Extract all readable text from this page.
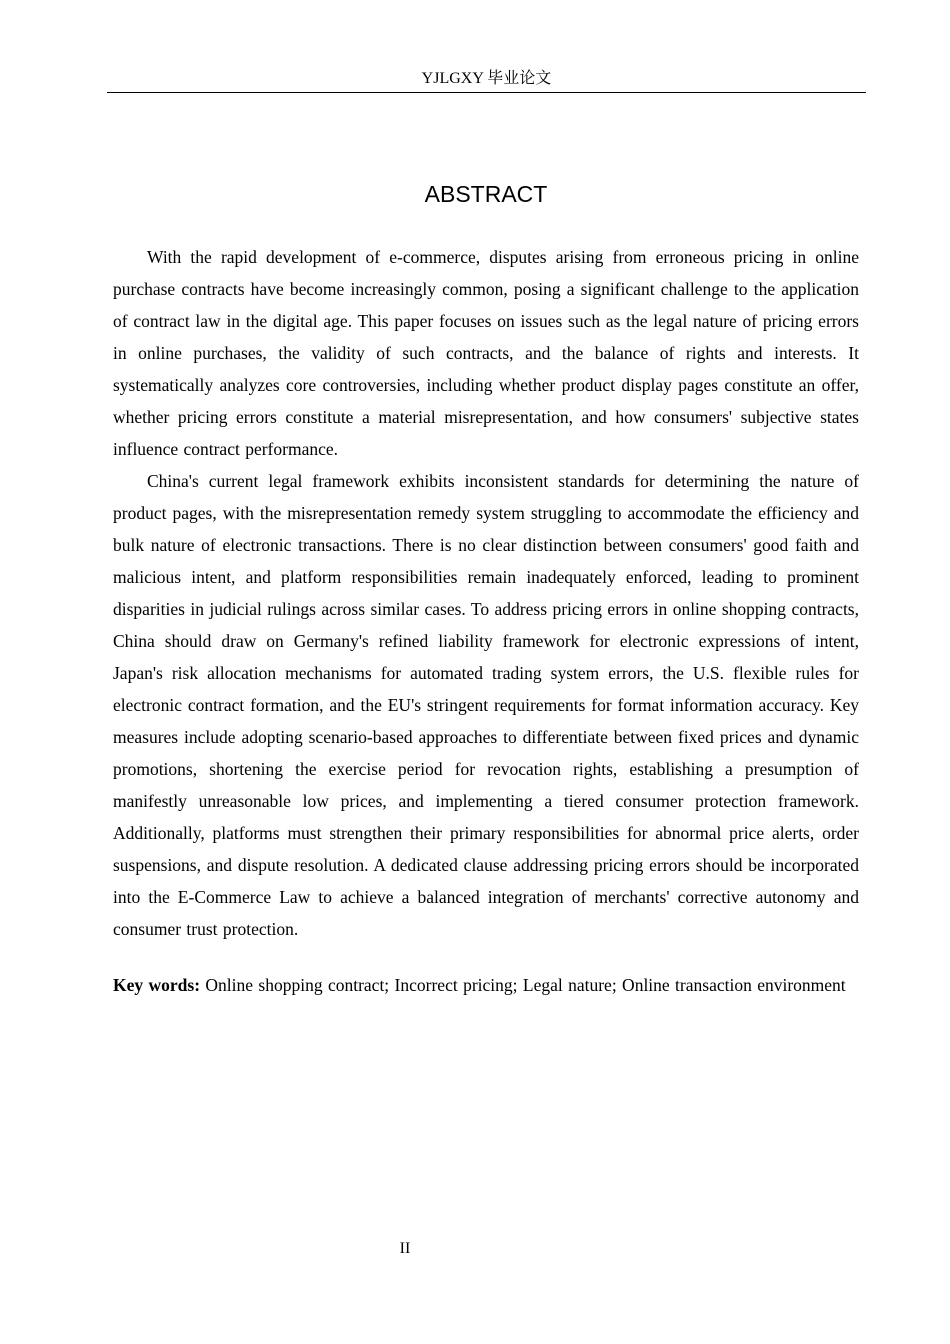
YJLGXY 毕业论文
ABSTRACT

With the rapid development of e-commerce, disputes arising from erroneous pricing in online purchase contracts have become increasingly common, posing a significant challenge to the application of contract law in the digital age. This paper focuses on issues such as the legal nature of pricing errors in online purchases, the validity of such contracts, and the balance of rights and interests. It systematically analyzes core controversies, including whether product display pages constitute an offer, whether pricing errors constitute a material misrepresentation, and how consumers' subjective states influence contract performance.

China's current legal framework exhibits inconsistent standards for determining the nature of product pages, with the misrepresentation remedy system struggling to accommodate the efficiency and bulk nature of electronic transactions. There is no clear distinction between consumers' good faith and malicious intent, and platform responsibilities remain inadequately enforced, leading to prominent disparities in judicial rulings across similar cases. To address pricing errors in online shopping contracts, China should draw on Germany's refined liability framework for electronic expressions of intent, Japan's risk allocation mechanisms for automated trading system errors, the U.S. flexible rules for electronic contract formation, and the EU's stringent requirements for format information accuracy. Key measures include adopting scenario-based approaches to differentiate between fixed prices and dynamic promotions, shortening the exercise period for revocation rights, establishing a presumption of manifestly unreasonable low prices, and implementing a tiered consumer protection framework. Additionally, platforms must strengthen their primary responsibilities for abnormal price alerts, order suspensions, and dispute resolution. A dedicated clause addressing pricing errors should be incorporated into the E-Commerce Law to achieve a balanced integration of merchants' corrective autonomy and consumer trust protection.

Key words: Online shopping contract; Incorrect pricing; Legal nature; Online transaction environment

II
